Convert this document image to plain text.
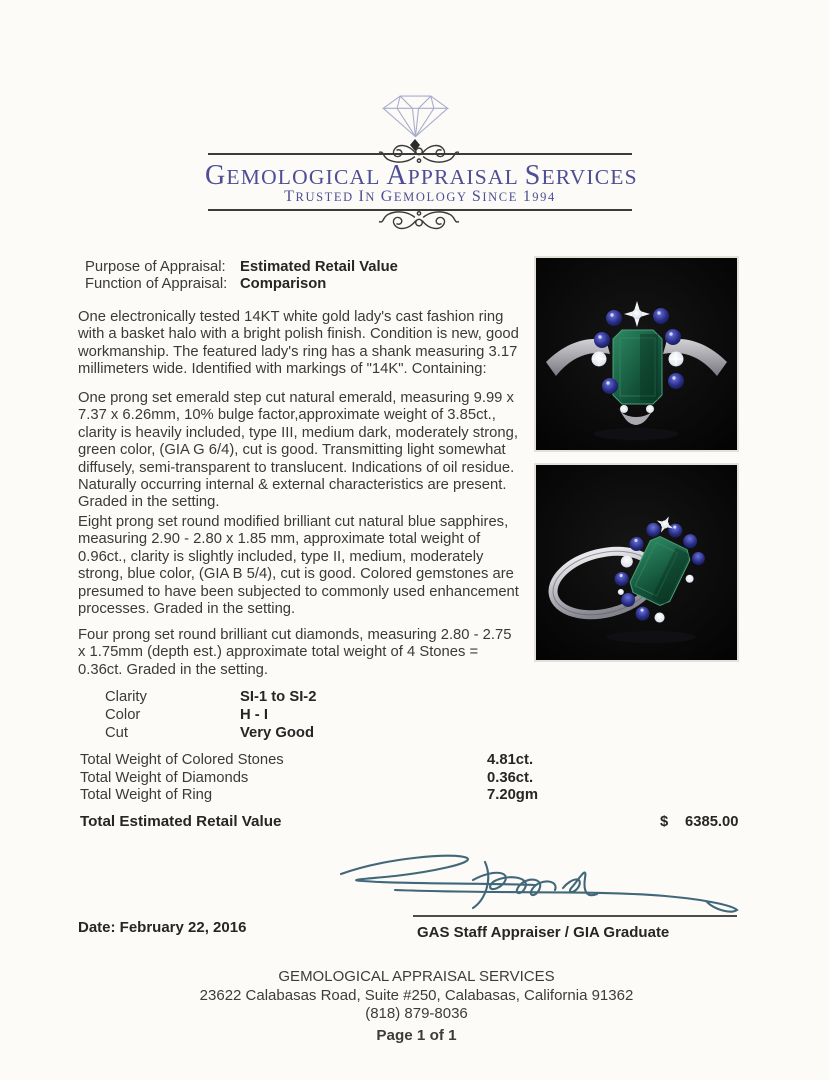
GEMOLOGICAL APPRAISAL SERVICES
TRUSTED IN GEMOLOGY SINCE 1994
Purpose of Appraisal: Estimated Retail Value
Function of Appraisal: Comparison
One electronically tested 14KT white gold lady's cast fashion ring with a basket halo with a bright polish finish. Condition is new, good workmanship. The featured lady's ring has a shank measuring 3.17 millimeters wide. Identified with markings of "14K". Containing:
One prong set emerald step cut natural emerald, measuring 9.99 x 7.37 x 6.26mm, 10% bulge factor,approximate weight of 3.85ct., clarity is heavily included, type III, medium dark, moderately strong, green color, (GIA G 6/4), cut is good. Transmitting light somewhat diffusely, semi-transparent to translucent. Indications of oil residue. Naturally occurring internal & external characteristics are present. Graded in the setting.
Eight prong set round modified brilliant cut natural blue sapphires, measuring 2.90 - 2.80 x 1.85 mm, approximate total weight of 0.96ct., clarity is slightly included, type II, medium, moderately strong, blue color, (GIA B 5/4), cut is good. Colored gemstones are presumed to have been subjected to commonly used enhancement processes. Graded in the setting.
Four prong set round brilliant cut diamonds, measuring 2.80 - 2.75 x 1.75mm (depth est.) approximate total weight of 4 Stones = 0.36ct. Graded in the setting.
Clarity	SI-1 to SI-2
Color	H - I
Cut	Very Good
Total Weight of Colored Stones	4.81ct.
Total Weight of Diamonds	0.36ct.
Total Weight of Ring	7.20gm
Total Estimated Retail Value	$ 6385.00
Date: February 22, 2016	GAS Staff Appraiser / GIA Graduate
GEMOLOGICAL APPRAISAL SERVICES
23622 Calabasas Road, Suite #250, Calabasas, California 91362
(818) 879-8036
Page 1 of 1
